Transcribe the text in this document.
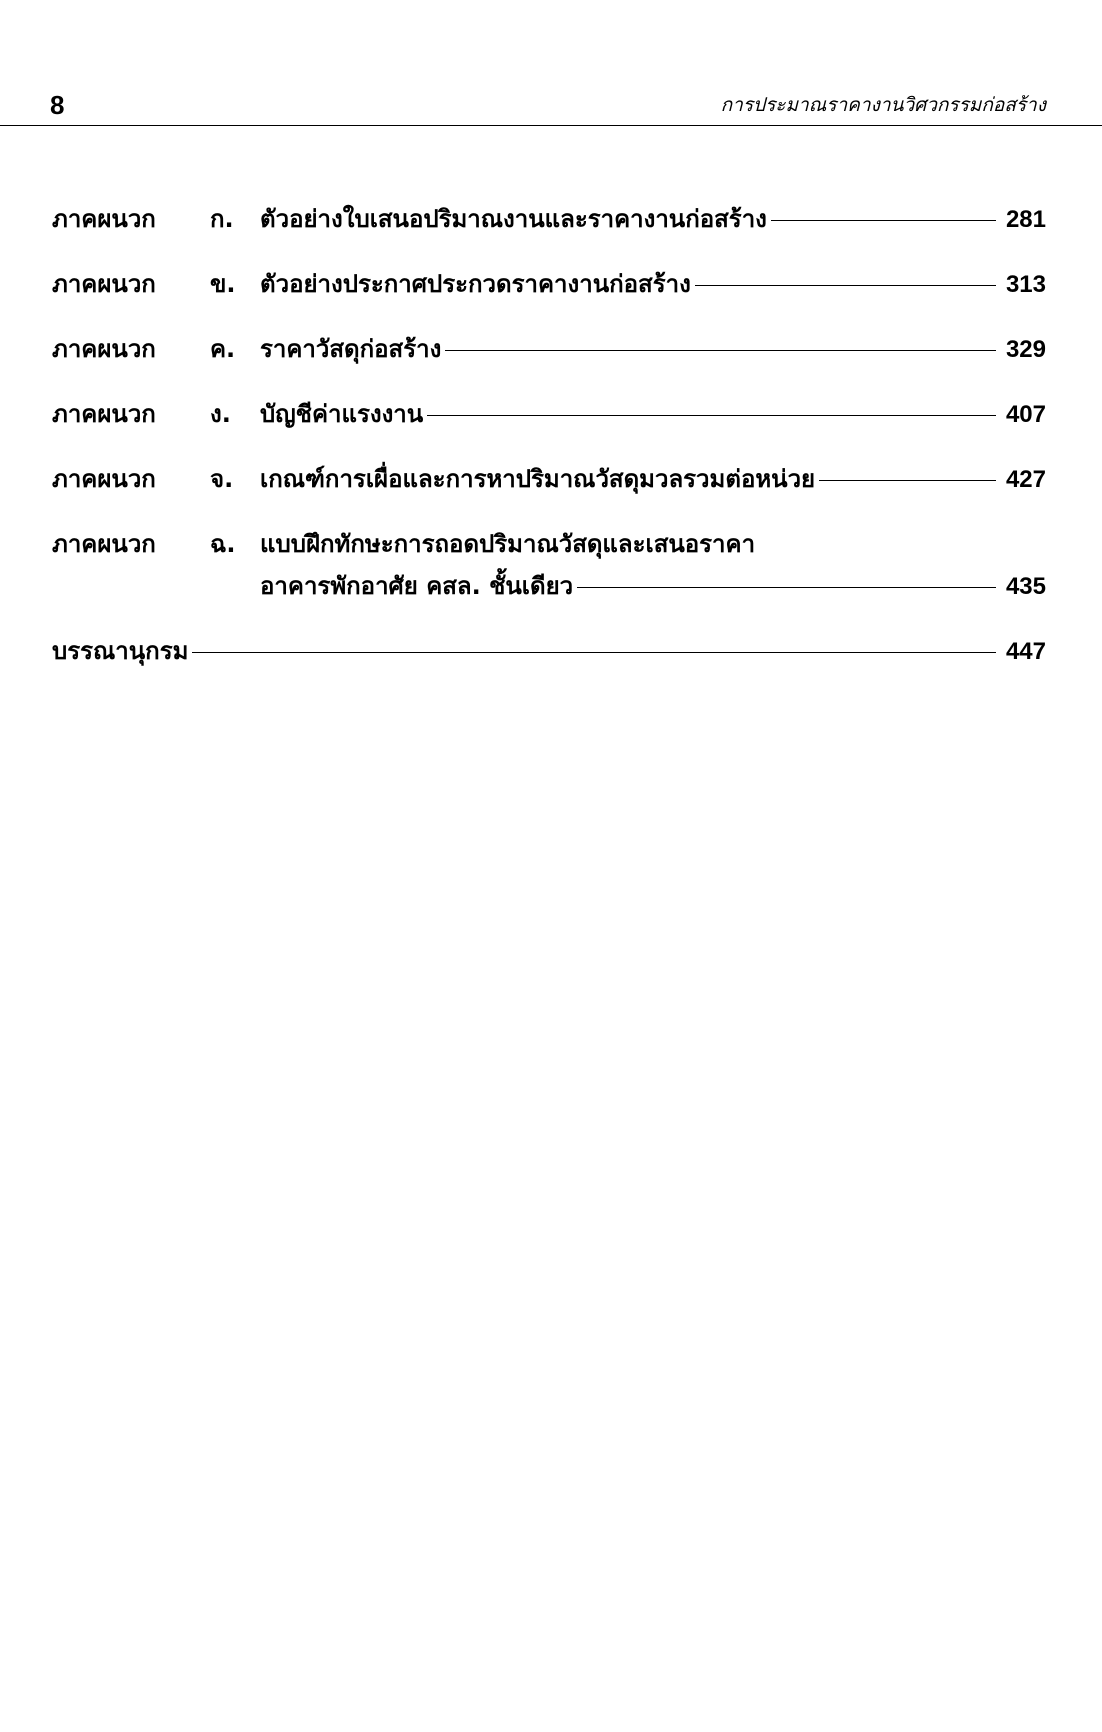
8	การประมาณราคางานวิศวกรรมก่อสร้าง
ภาคผนวก	ก.	ตัวอย่างใบเสนอปริมาณงานและราคางานก่อสร้าง	281
ภาคผนวก	ข.	ตัวอย่างประกาศประกวดราคางานก่อสร้าง	313
ภาคผนวก	ค.	ราคาวัสดุก่อสร้าง	329
ภาคผนวก	ง.	บัญชีค่าแรงงาน	407
ภาคผนวก	จ.	เกณฑ์การเผื่อและการหาปริมาณวัสดุมวลรวมต่อหน่วย	427
ภาคผนวก	ฉ.	แบบฝึกทักษะการถอดปริมาณวัสดุและเสนอราคา
อาคารพักอาศัย คสล. ชั้นเดียว	435
บรรณานุกรม	447
